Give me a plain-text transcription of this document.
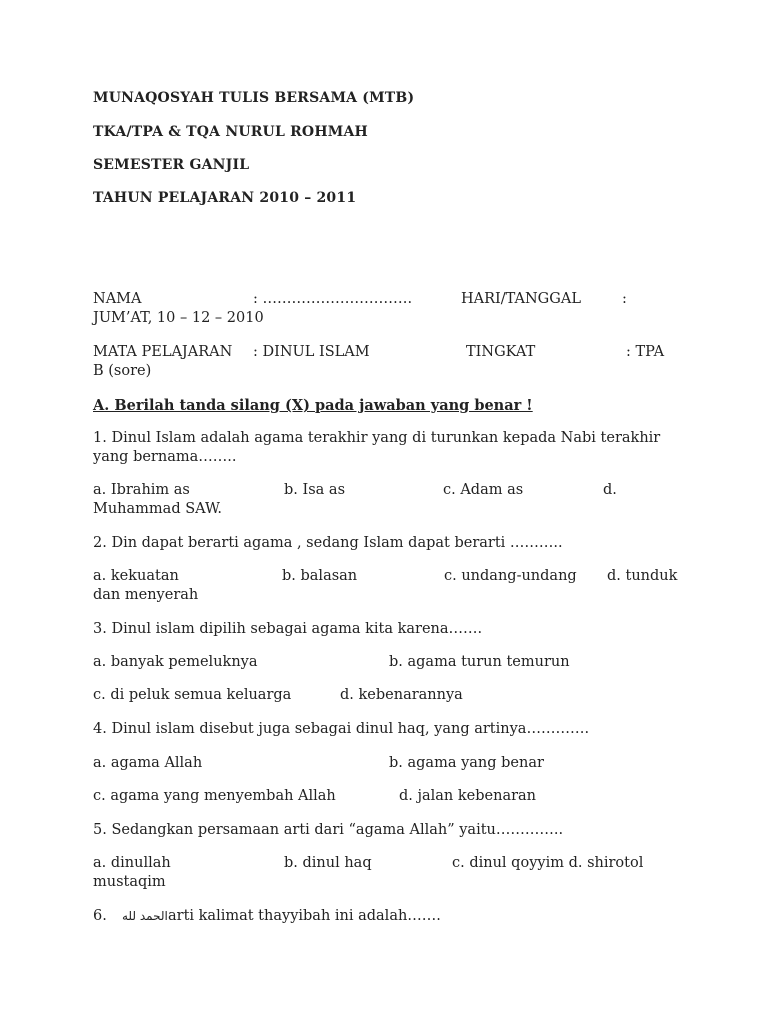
MUNAQOSYAH TULIS BERSAMA (MTB)
TKA/TPA & TQA NURUL ROHMAH
SEMESTER GANJIL
TAHUN PELAJARAN 2010 – 2011
NAMA	: ………………………….	HARI/TANGGAL	:
JUM’AT, 10 – 12 – 2010
MATA PELAJARAN : DINUL ISLAM	TINGKAT	: TPA
B (sore)
A. Berilah tanda silang (X) pada jawaban yang benar !
1. Dinul Islam adalah agama terakhir yang di turunkan kepada Nabi terakhir yang bernama……..
a. Ibrahim as	b. Isa as	c. Adam as	d.
Muhammad SAW.
2. Din dapat berarti agama , sedang Islam dapat berarti ………..
a. kekuatan	b. balasan	c. undang-undang d. tunduk
dan menyerah
3. Dinul islam dipilih sebagai agama kita karena…….
a. banyak pemeluknya	b. agama turun temurun
c. di peluk semua keluarga	d. kebenarannya
4. Dinul islam disebut juga sebagai dinul haq, yang artinya………….
a. agama Allah	b. agama yang benar
c. agama yang menyembah Allah	d. jalan kebenaran
5. Sedangkan persamaan arti dari “agama Allah” yaitu…………..
a. dinullah	b. dinul haq	c. dinul qoyyim d. shirotol
mustaqim
6. الحمد لله arti kalimat thayyibah ini adalah…….
